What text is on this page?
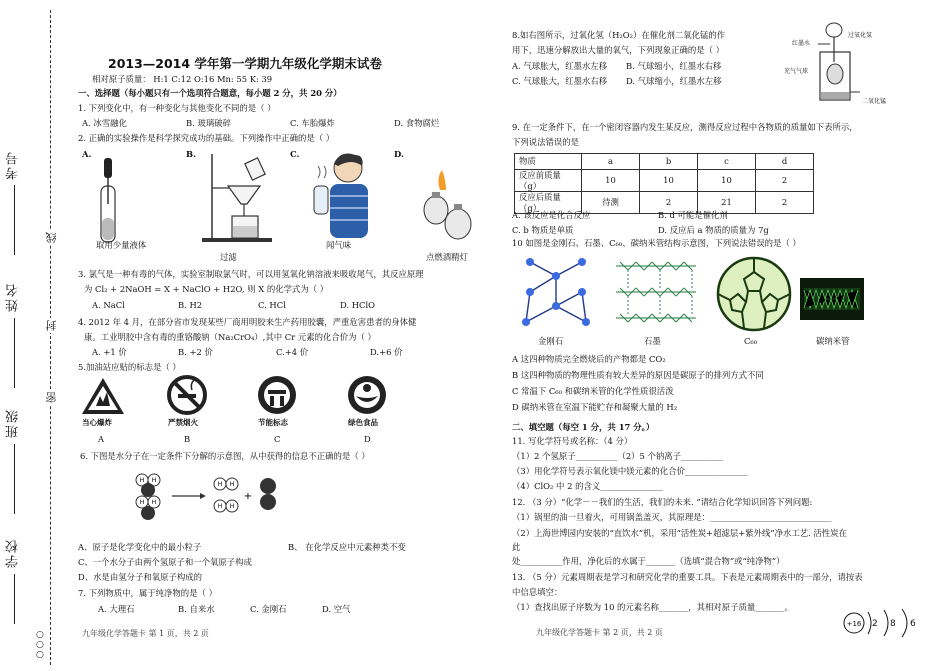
考号
姓名
班级
学校
线
封
密
○
○
○
2013—2014 学年第一学期九年级化学期末试卷
相对原子质量： H:1 C:12 O:16 Mn: 55 K: 39
一、选择题（每小题只有一个选项符合题意，每小题 2 分，共 20 分）
1. 下列变化中，有一种变化与其他变化不同的是（ ）
A. 冰雪融化	B. 玻璃破碎	C. 车胎爆炸	D. 食物腐烂
2. 正确的实验操作是科学探究成功的基础。下列操作中正确的是（ ）
A.	B.	C.	D.
取用少量液体
过滤
闻气味
点燃酒精灯
3. 氯气是一种有毒的气体，实验室制取氯气时，可以用氢氧化钠溶液来吸收尾气，其反应原理
为 Cl₂ + 2NaOH = X + NaClO + H2O, 则 X 的化学式为（ ）
A. NaCl	B. H2	C. HCl	D. HClO
4. 2012 年 4 月，在部分省市发现某些厂商用明胶来生产药用胶囊，严重危害患者的身体健
康。工业明胶中含有毒的重铬酸钠（Na₂CrO₄）,其中 Cr 元素的化合价为（ ）
A. +1 价	B. +2 价	C.+4 价	D.+6 价
5.加油站应贴的标志是（ ）
当心爆炸	严禁烟火	节能标志	绿色食品
A	B	C	D
6. 下图是水分子在一定条件下分解的示意图，从中获得的信息不正确的是（ ）
H H
H H
H H
H H
+
A、原子是化学变化中的最小粒子	B、 在化学反应中元素种类不变
C、一个水分子由两个氢原子和一个氧原子构成
D、水是由氢分子和氧原子构成的
7. 下列物质中，属于纯净物的是（ ）
A. 大理石	B. 自来水	C. 金刚石	D. 空气
九年级化学答题卡 第 1 页，共 2 页
8.如右图所示，过氧化氢（H₂O₂）在催化剂二氧化锰的作
用下，迅速分解放出大量的氧气，下列现象正确的是（ ）
A. 气球胀大，红墨水左移 B. 气球缩小，红墨水右移
C. 气球胀大，红墨水右移 D. 气球缩小，红墨水左移
红墨水
过氧化氢
充气气球
二氧化锰
9. 在一定条件下，在一个密闭容器内发生某反应，测得反应过程中各物质的质量如下表所示，
下列说法错误的是
物质	a	b	c	d
反应前质量（g）	10	10	10	2
反应后质量（g）	待测	2	21	2
A. 该反应是化合反应	B. d 可能是催化剂
C. b 物质是单质	D. 反应后 a 物质的质量为 7g
10 如图是金刚石、石墨、C₆₀、碳纳米管结构示意图，下列说法错误的是（ ）
金刚石	石墨	C₆₀	碳纳米管
A 这四种物质完全燃烧后的产物都是 CO₂
B 这四种物质的物理性质有较大差异的原因是碳原子的排列方式不同
C 常温下 C₆₀ 和碳纳米管的化学性质很活泼
D 碳纳米管在室温下能贮存和凝聚大量的 H₂
二、填空题（每空 1 分，共 17 分。）
11. 写化学符号或名称：（4 分）
（1）2 个氢原子__________（2）5 个钠离子__________
（3）用化学符号表示氧化镁中镁元素的化合价_______________
（4）ClO₂ 中 2 的含义_______________
12. （3 分）“化学－－我们的生活，我们的未来. ”请结合化学知识回答下列问题:
（1）锅里的油一旦着火，可用锅盖盖灭，其原理是：_____________________________
（2）上海世博园内安装的“直饮水”机，采用“活性炭+超滤层+紫外线”净水工艺. 活性炭在
此
处__________作用，净化后的水属于_______（选填“混合物”或“纯净物”）
13. （5 分）元素周期表是学习和研究化学的重要工具。下表是元素周期表中的一部分，请按表
中信息填空：
（1）查找出原子序数为 10 的元素名称_______，其相对原子质量_______。
+16 2 8 6
九年级化学答题卡 第 2 页，共 2 页
